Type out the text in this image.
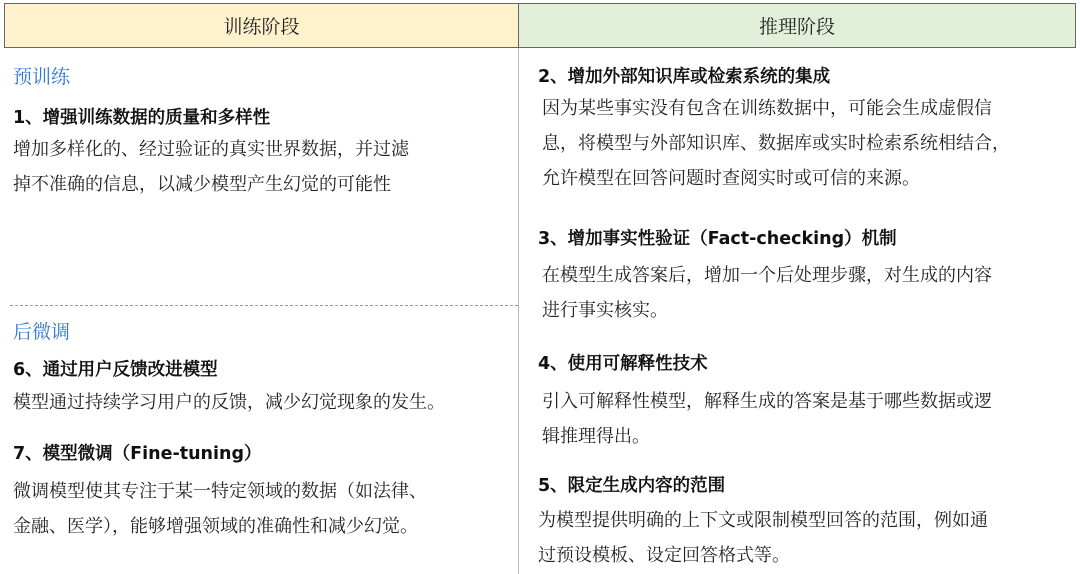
训练阶段	推理阶段
预训练
1、增强训练数据的质量和多样性
增加多样化的、经过验证的真实世界数据，并过滤
掉不准确的信息，以减少模型产生幻觉的可能性
后微调
6、通过用户反馈改进模型
模型通过持续学习用户的反馈，减少幻觉现象的发生。
7、模型微调（Fine-tuning）
微调模型使其专注于某一特定领域的数据（如法律、
金融、医学），能够增强领域的准确性和减少幻觉。
2、增加外部知识库或检索系统的集成
因为某些事实没有包含在训练数据中，可能会生成虚假信
息，将模型与外部知识库、数据库或实时检索系统相结合，
允许模型在回答问题时查阅实时或可信的来源。
3、增加事实性验证（Fact-checking）机制
在模型生成答案后，增加一个后处理步骤，对生成的内容
进行事实核实。
4、使用可解释性技术
引入可解释性模型，解释生成的答案是基于哪些数据或逻
辑推理得出。
5、限定生成内容的范围
为模型提供明确的上下文或限制模型回答的范围，例如通
过预设模板、设定回答格式等。
